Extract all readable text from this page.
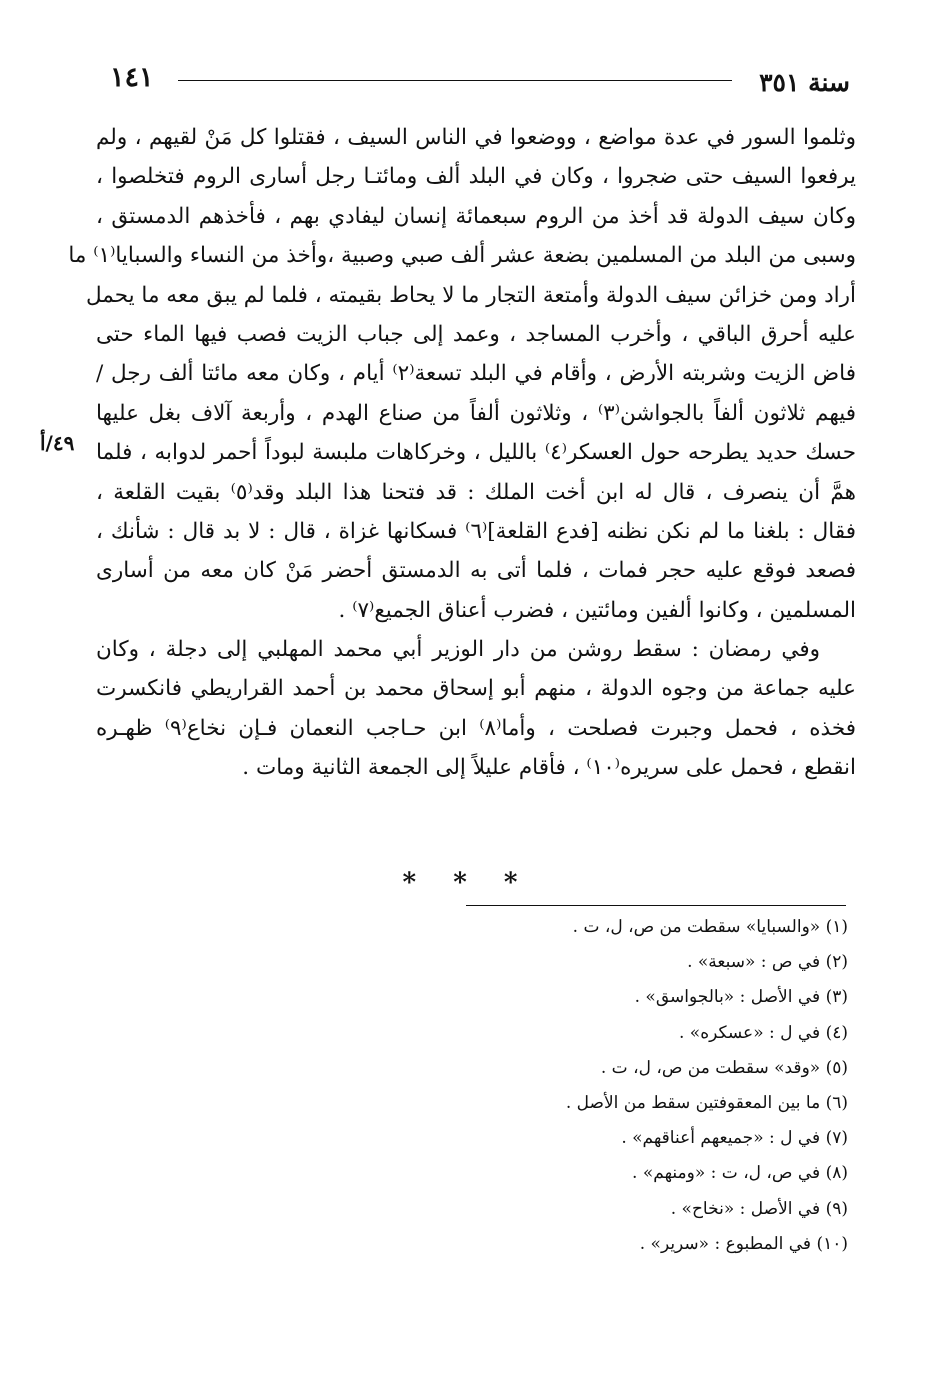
سنة ٣٥١
١٤١
٤٩/أ
وثلموا السور في عدة مواضع ، ووضعوا في الناس السيف ، فقتلوا كل مَنْ لقيهم ، ولم
يرفعوا السيف حتى ضجروا ، وكان في البلد ألف ومائتـا رجل أسارى الروم فتخلصوا ،
وكان سيف الدولة قد أخذ من الروم سبعمائة إنسان ليفادي بهم ، فأخذهم الدمستق ،
وسبى من البلد من المسلمين بضعة عشر ألف صبي وصبية ،وأخذ من النساء والسبايا⁽١⁾ ما
أراد ومن خزائن سيف الدولة وأمتعة التجار ما لا يحاط بقيمته ، فلما لم يبق معه ما يحمل
عليه أحرق الباقي ، وأخرب المساجد ، وعمد إلى جباب الزيت فصب فيها الماء حتى
فاض الزيت وشربته الأرض ، وأقام في البلد تسعة⁽٢⁾ أيام ، وكان معه مائتا ألف رجل /
فيهم ثلاثون ألفاً بالجواشن⁽٣⁾ ، وثلاثون ألفاً من صناع الهدم ، وأربعة آلاف بغل عليها
حسك حديد يطرحه حول العسكر⁽٤⁾ بالليل ، وخركاهات ملبسة لبوداً أحمر لدوابه ، فلما
همَّ أن ينصرف ، قال له ابن أخت الملك : قد فتحنا هذا البلد وقد⁽٥⁾ بقيت القلعة ،
فقال : بلغنا ما لم نكن نظنه [فدع القلعة]⁽٦⁾ فسكانها غزاة ، قال : لا بد قال : شأنك ،
فصعد فوقع عليه حجر فمات ، فلما أتى به الدمستق أحضر مَنْ كان معه من أسارى
المسلمين ، وكانوا ألفين ومائتين ، فضرب أعناق الجميع⁽٧⁾ .
وفي رمضان : سقط روشن من دار الوزير أبي محمد المهلبي إلى دجلة ، وكان
عليه جماعة من وجوه الدولة ، منهم أبو إسحاق محمد بن أحمد القراريطي فانكسرت
فخذه ، فحمل وجبرت فصلحت ، وأما⁽٨⁾ ابن حـاجب النعمان فـإن نخاع⁽٩⁾ ظهـره
انقطع ، فحمل على سريره⁽١٠⁾ ، فأقام عليلاً إلى الجمعة الثانية ومات .
* * *
(١) «والسبايا» سقطت من ص، ل، ت .
(٢) في ص : «سبعة» .
(٣) في الأصل : «بالجواسق» .
(٤) في ل : «عسكره» .
(٥) «وقد» سقطت من ص، ل، ت .
(٦) ما بين المعقوفتين سقط من الأصل .
(٧) في ل : «جميعهم أعناقهم» .
(٨) في ص، ل، ت : «ومنهم» .
(٩) في الأصل : «نخاح» .
(١٠) في المطبوع : «سرير» .
